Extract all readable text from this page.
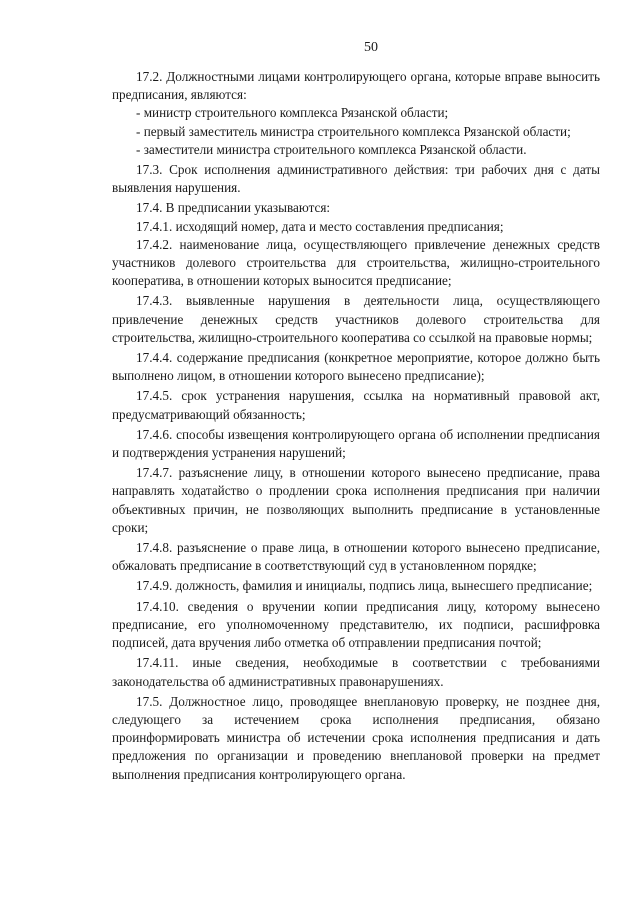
50

17.2. Должностными лицами контролирующего органа, которые вправе выносить предписания, являются:

- министр строительного комплекса Рязанской области;

- первый заместитель министра строительного комплекса Рязанской области;

- заместители министра строительного комплекса Рязанской области.

17.3. Срок исполнения административного действия: три рабочих дня с даты выявления нарушения.

17.4. В предписании указываются:

17.4.1. исходящий номер, дата и место составления предписания;

17.4.2. наименование лица, осуществляющего привлечение денежных средств участников долевого строительства для строительства, жилищно-строительного кооператива, в отношении которых выносится предписание;

17.4.3. выявленные нарушения в деятельности лица, осуществляющего привлечение денежных средств участников долевого строительства для строительства, жилищно-строительного кооператива со ссылкой на правовые нормы;

17.4.4. содержание предписания (конкретное мероприятие, которое должно быть выполнено лицом, в отношении которого вынесено предписание);

17.4.5. срок устранения нарушения, ссылка на нормативный правовой акт, предусматривающий обязанность;

17.4.6. способы извещения контролирующего органа об исполнении предписания и подтверждения устранения нарушений;

17.4.7. разъяснение лицу, в отношении которого вынесено предписание, права направлять ходатайство о продлении срока исполнения предписания при наличии объективных причин, не позволяющих выполнить предписание в установленные сроки;

17.4.8. разъяснение о праве лица, в отношении которого вынесено предписание, обжаловать предписание в соответствующий суд в установленном порядке;

17.4.9. должность, фамилия и инициалы, подпись лица, вынесшего предписание;

17.4.10. сведения о вручении копии предписания лицу, которому вынесено предписание, его уполномоченному представителю, их подписи, расшифровка подписей, дата вручения либо отметка об отправлении предписания почтой;

17.4.11. иные сведения, необходимые в соответствии с требованиями законодательства об административных правонарушениях.

17.5. Должностное лицо, проводящее внеплановую проверку, не позднее дня, следующего за истечением срока исполнения предписания, обязано проинформировать министра об истечении срока исполнения предписания и дать предложения по организации и проведению внеплановой проверки на предмет выполнения предписания контролирующего органа.
